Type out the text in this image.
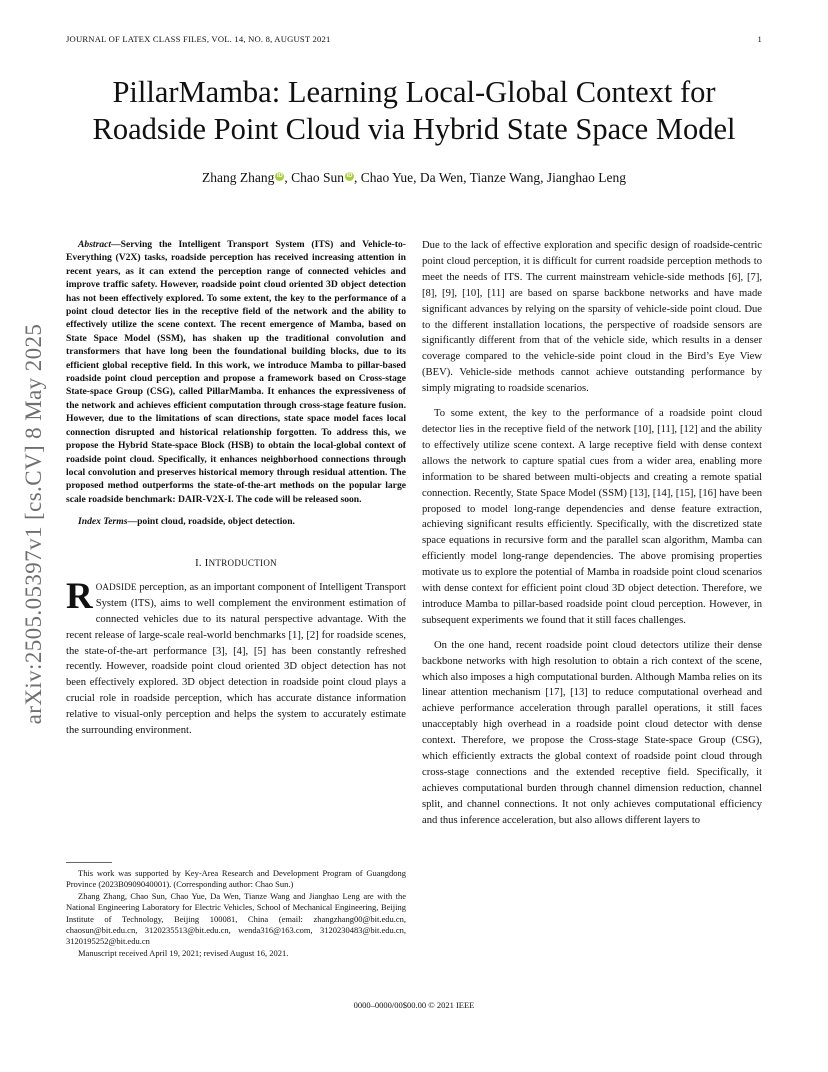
JOURNAL OF LATEX CLASS FILES, VOL. 14, NO. 8, AUGUST 2021	1
PillarMamba: Learning Local-Global Context for
Roadside Point Cloud via Hybrid State Space Model
Zhang Zhang iD , Chao Sun iD , Chao Yue, Da Wen, Tianze Wang, Jianghao Leng
arXiv:2505.05397v1 [cs.CV] 8 May 2025

Abstract—Serving the Intelligent Transport System (ITS) and Vehicle-to-Everything (V2X) tasks, roadside perception has received increasing attention in recent years, as it can extend the perception range of connected vehicles and improve traffic safety. However, roadside point cloud oriented 3D object detection has not been effectively explored. To some extent, the key to the performance of a point cloud detector lies in the receptive field of the network and the ability to effectively utilize the scene context. The recent emergence of Mamba, based on State Space Model (SSM), has shaken up the traditional convolution and transformers that have long been the foundational building blocks, due to its efficient global receptive field. In this work, we introduce Mamba to pillar-based roadside point cloud perception and propose a framework based on Cross-stage State-space Group (CSG), called PillarMamba. It enhances the expressiveness of the network and achieves efficient computation through cross-stage feature fusion. However, due to the limitations of scan directions, state space model faces local connection disrupted and historical relationship forgotten. To address this, we propose the Hybrid State-space Block (HSB) to obtain the local-global context of roadside point cloud. Specifically, it enhances neighborhood connections through local convolution and preserves historical memory through residual attention. The proposed method outperforms the state-of-the-art methods on the popular large scale roadside benchmark: DAIR-V2X-I. The code will be released soon.

Index Terms—point cloud, roadside, object detection.

I. INTRODUCTION

ROADSIDE perception, as an important component of Intelligent Transport System (ITS), aims to well complement the environment estimation of connected vehicles due to its natural perspective advantage. With the recent release of large-scale real-world benchmarks [1], [2] for roadside scenes, the state-of-the-art performance [3], [4], [5] has been constantly refreshed recently. However, roadside point cloud oriented 3D object detection has not been effectively explored. 3D object detection in roadside point cloud plays a crucial role in roadside perception, which has accurate distance information relative to visual-only perception and helps the system to accurately estimate the surrounding environment.

This work was supported by Key-Area Research and Development Program of Guangdong Province (2023B0909040001). (Corresponding author: Chao Sun.)

Zhang Zhang, Chao Sun, Chao Yue, Da Wen, Tianze Wang and Jianghao Leng are with the National Engineering Laboratory for Electric Vehicles, School of Mechanical Engineering, Beijing Institute of Technology, Beijing 100081, China (email: zhangzhang00@bit.edu.cn, chaosun@bit.edu.cn, 3120235513@bit.edu.cn, wenda316@163.com, 3120230483@bit.edu.cn, 3120195252@bit.edu.cn

Manuscript received April 19, 2021; revised August 16, 2021.

Due to the lack of effective exploration and specific design of roadside-centric point cloud perception, it is difficult for current roadside perception methods to meet the needs of ITS. The current mainstream vehicle-side methods [6], [7], [8], [9], [10], [11] are based on sparse backbone networks and have made significant advances by relying on the sparsity of vehicle-side point cloud. Due to the different installation locations, the perspective of roadside sensors are significantly different from that of the vehicle side, which results in a denser coverage compared to the vehicle-side point cloud in the Bird’s Eye View (BEV). Vehicle-side methods cannot achieve outstanding performance by simply migrating to roadside scenarios.

To some extent, the key to the performance of a roadside point cloud detector lies in the receptive field of the network [10], [11], [12] and the ability to effectively utilize scene context. A large receptive field with dense context allows the network to capture spatial cues from a wider area, enabling more information to be shared between multi-objects and creating a remote spatial connection. Recently, State Space Model (SSM) [13], [14], [15], [16] have been proposed to model long-range dependencies and dense feature extraction, achieving significant results efficiently. Specifically, with the discretized state space equations in recursive form and the parallel scan algorithm, Mamba can efficiently model long-range dependencies. The above promising properties motivate us to explore the potential of Mamba in roadside point cloud scenarios with dense context for efficient point cloud 3D object detection. Therefore, we introduce Mamba to pillar-based roadside point cloud perception. However, in subsequent experiments we found that it still faces challenges.

On the one hand, recent roadside point cloud detectors utilize their dense backbone networks with high resolution to obtain a rich context of the scene, which also imposes a high computational burden. Although Mamba relies on its linear attention mechanism [17], [13] to reduce computational overhead and achieve performance acceleration through parallel operations, it still faces unacceptably high overhead in a roadside point cloud detector with dense context. Therefore, we propose the Cross-stage State-space Group (CSG), which efficiently extracts the global context of roadside point cloud through cross-stage connections and the extended receptive field. Specifically, it achieves computational burden through channel dimension reduction, channel split, and channel connections. It not only achieves computational efficiency and thus inference acceleration, but also allows different layers to

0000–0000/00$00.00 © 2021 IEEE
